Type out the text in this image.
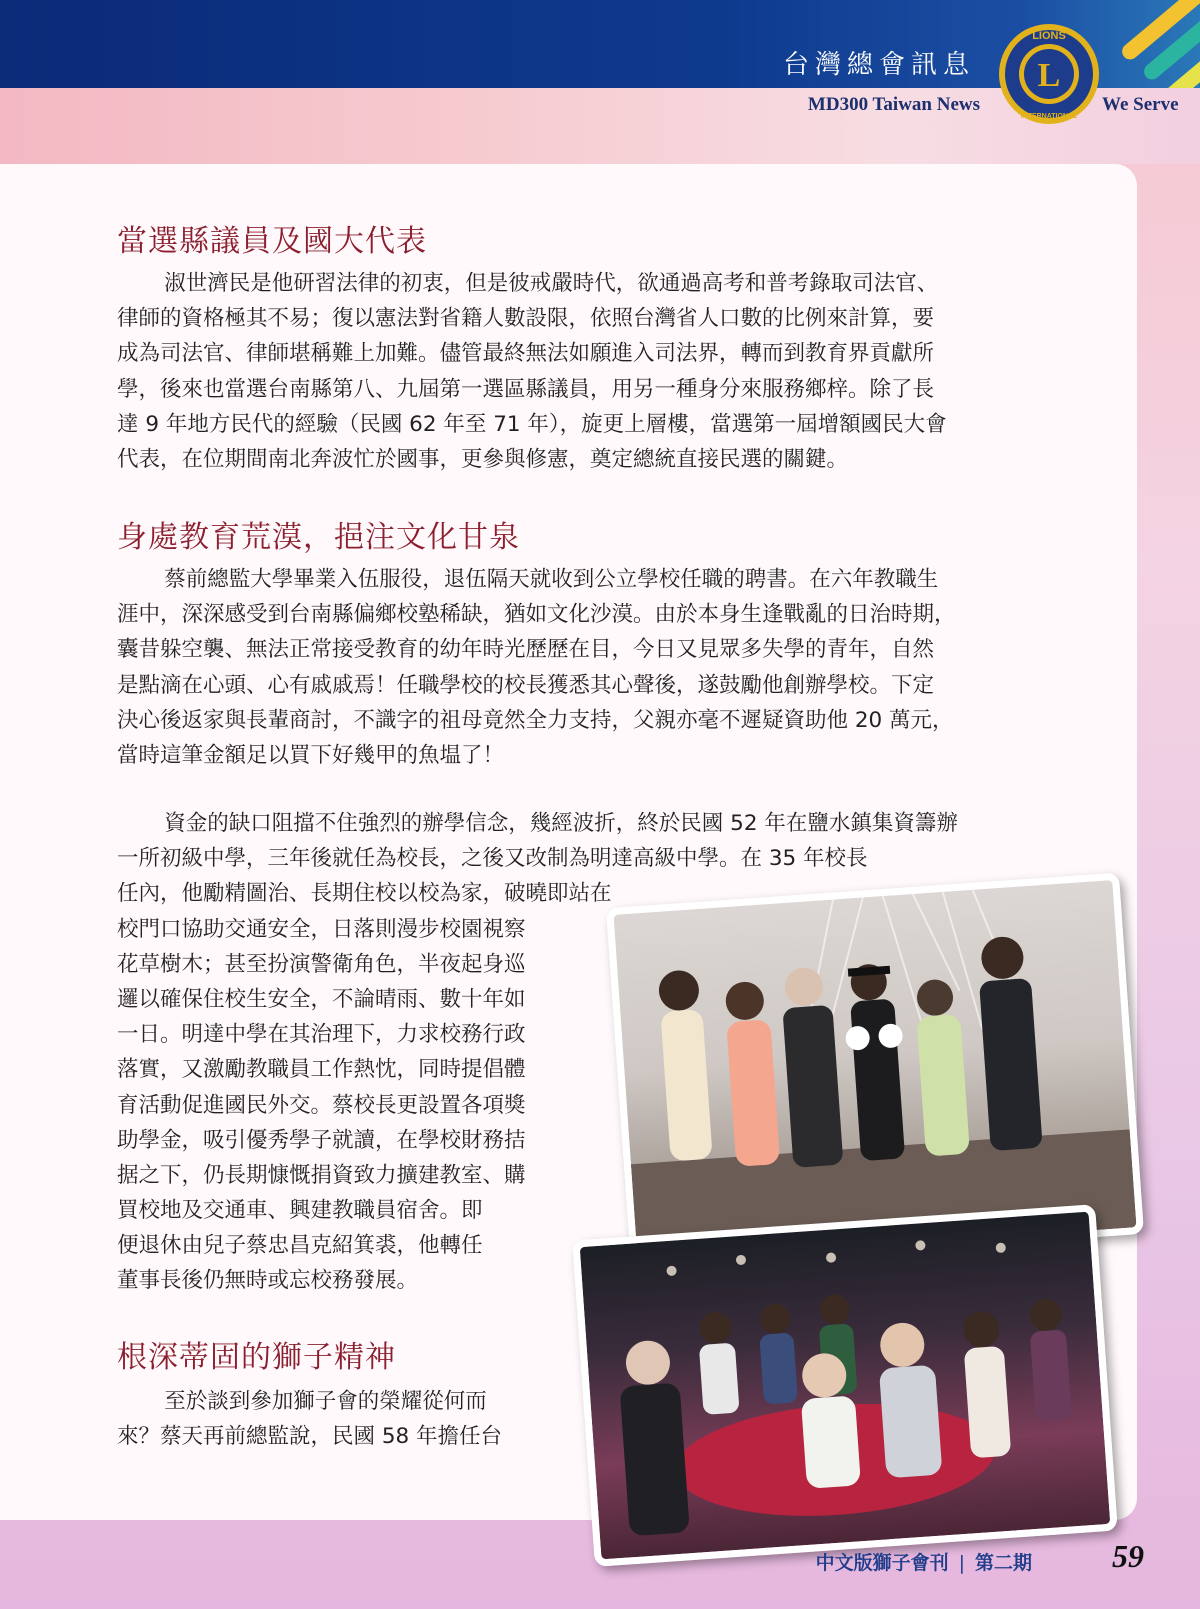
台灣總會訊息
MD300 Taiwan News
L
LIONS
INTERNATIONAL
We Serve
當選縣議員及國大代表
淑世濟民是他研習法律的初衷，但是彼戒嚴時代，欲通過高考和普考錄取司法官、
律師的資格極其不易；復以憲法對省籍人數設限，依照台灣省人口數的比例來計算，要
成為司法官、律師堪稱難上加難。儘管最終無法如願進入司法界，轉而到教育界貢獻所
學，後來也當選台南縣第八、九屆第一選區縣議員，用另一種身分來服務鄉梓。除了長
達 9 年地方民代的經驗（民國 62 年至 71 年），旋更上層樓，當選第一屆增額國民大會
代表，在位期間南北奔波忙於國事，更參與修憲，奠定總統直接民選的關鍵。
身處教育荒漠，挹注文化甘泉
蔡前總監大學畢業入伍服役，退伍隔天就收到公立學校任職的聘書。在六年教職生
涯中，深深感受到台南縣偏鄉校塾稀缺，猶如文化沙漠。由於本身生逢戰亂的日治時期，
囊昔躲空襲、無法正常接受教育的幼年時光歷歷在目，今日又見眾多失學的青年，自然
是點滴在心頭、心有戚戚焉！任職學校的校長獲悉其心聲後，遂鼓勵他創辦學校。下定
決心後返家與長輩商討，不識字的祖母竟然全力支持，父親亦毫不遲疑資助他 20 萬元，
當時這筆金額足以買下好幾甲的魚塭了！
資金的缺口阻擋不住強烈的辦學信念，幾經波折，終於民國 52 年在鹽水鎮集資籌辦
一所初級中學，三年後就任為校長，之後又改制為明達高級中學。在 35 年校長
任內，他勵精圖治、長期住校以校為家，破曉即站在
校門口協助交通安全，日落則漫步校園視察
花草樹木；甚至扮演警衛角色，半夜起身巡
邏以確保住校生安全，不論晴雨、數十年如
一日。明達中學在其治理下，力求校務行政
落實，又激勵教職員工作熱忱，同時提倡體
育活動促進國民外交。蔡校長更設置各項獎
助學金，吸引優秀學子就讀，在學校財務拮
据之下，仍長期慷慨捐資致力擴建教室、購
買校地及交通車、興建教職員宿舍。即
便退休由兒子蔡忠昌克紹箕裘，他轉任
董事長後仍無時或忘校務發展。
根深蒂固的獅子精神
至於談到參加獅子會的榮耀從何而
來？蔡天再前總監說，民國 58 年擔任台
中文版獅子會刊 | 第二期	59
